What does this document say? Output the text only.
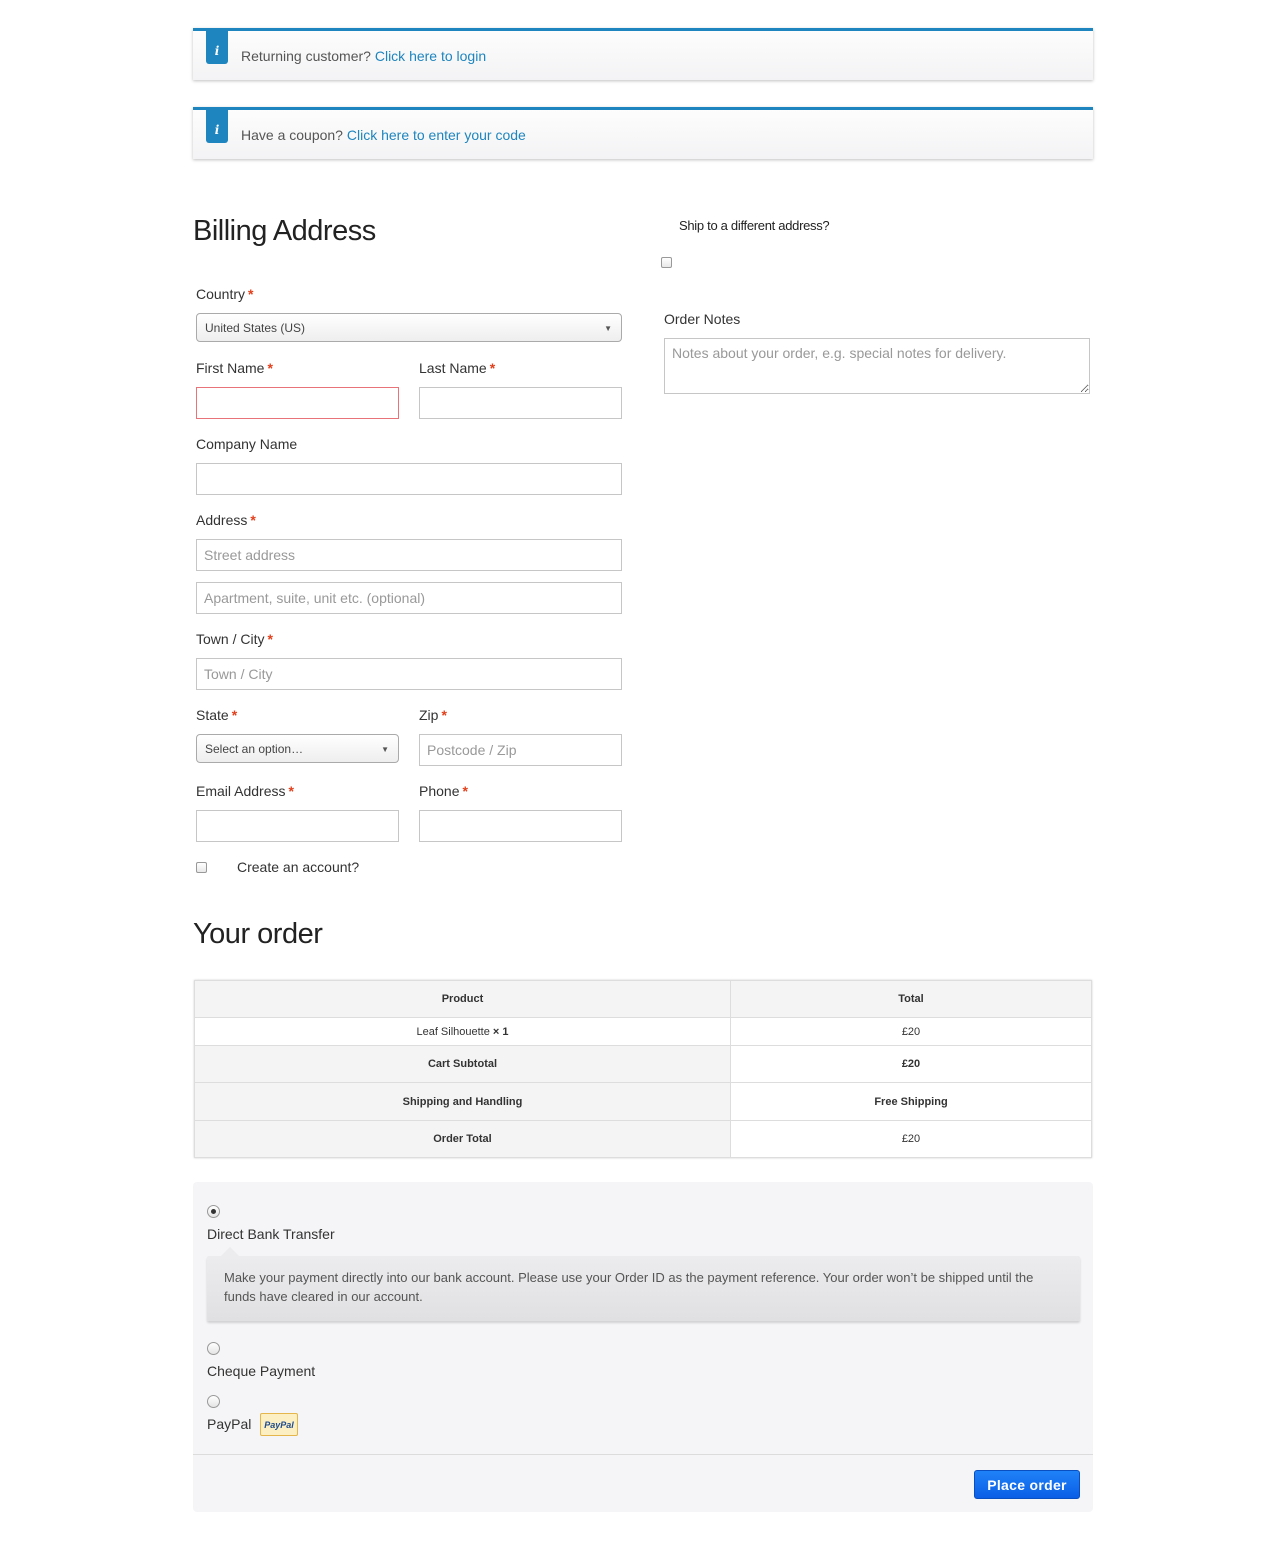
i	Returning customer? Click here to login
i	Have a coupon? Click here to enter your code
Billing Address
Country *
United States (US)	▼
First Name *	Last Name *
Company Name
Address *
Street address
Apartment, suite, unit etc. (optional)
Town / City *
Town / City
State *
Select an option…	▼
Zip *
Postcode / Zip
Email Address *	Phone *
Create an account?
Ship to a different address?
Order Notes
Notes about your order, e.g. special notes for delivery.
Your order
Product	Total
Leaf Silhouette × 1	£20
Cart Subtotal	£20
Shipping and Handling	Free Shipping
Order Total	£20
Direct Bank Transfer
Make your payment directly into our bank account. Please use your Order ID as the payment reference. Your order won’t be shipped until the funds have cleared in our account.
Cheque Payment
PayPal	PayPal
Place order
